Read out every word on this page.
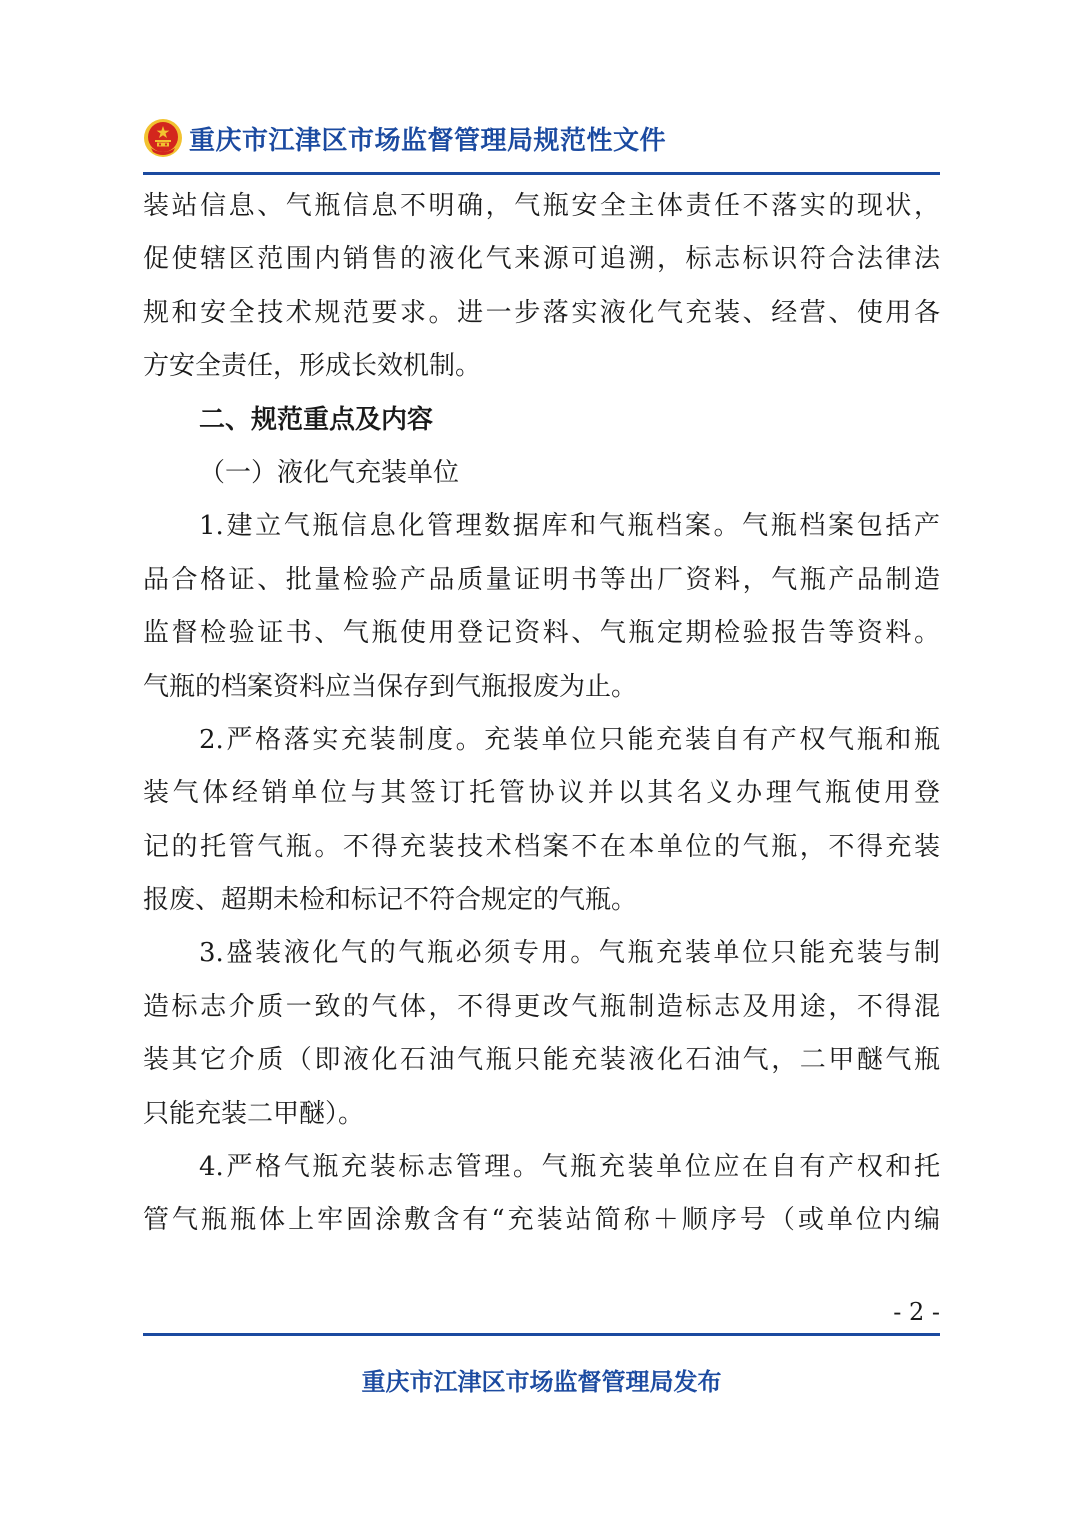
重庆市江津区市场监督管理局规范性文件
装站信息、气瓶信息不明确，气瓶安全主体责任不落实的现状，
促使辖区范围内销售的液化气来源可追溯，标志标识符合法律法
规和安全技术规范要求。进一步落实液化气充装、经营、使用各
方安全责任，形成长效机制。
二、规范重点及内容
（一）液化气充装单位
1.建立气瓶信息化管理数据库和气瓶档案。气瓶档案包括产
品合格证、批量检验产品质量证明书等出厂资料，气瓶产品制造
监督检验证书、气瓶使用登记资料、气瓶定期检验报告等资料。
气瓶的档案资料应当保存到气瓶报废为止。
2.严格落实充装制度。充装单位只能充装自有产权气瓶和瓶
装气体经销单位与其签订托管协议并以其名义办理气瓶使用登
记的托管气瓶。不得充装技术档案不在本单位的气瓶，不得充装
报废、超期未检和标记不符合规定的气瓶。
3.盛装液化气的气瓶必须专用。气瓶充装单位只能充装与制
造标志介质一致的气体，不得更改气瓶制造标志及用途，不得混
装其它介质（即液化石油气瓶只能充装液化石油气，二甲醚气瓶
只能充装二甲醚）。
4.严格气瓶充装标志管理。气瓶充装单位应在自有产权和托
管气瓶瓶体上牢固涂敷含有“充装站简称＋顺序号（或单位内编
- 2 -
重庆市江津区市场监督管理局发布
